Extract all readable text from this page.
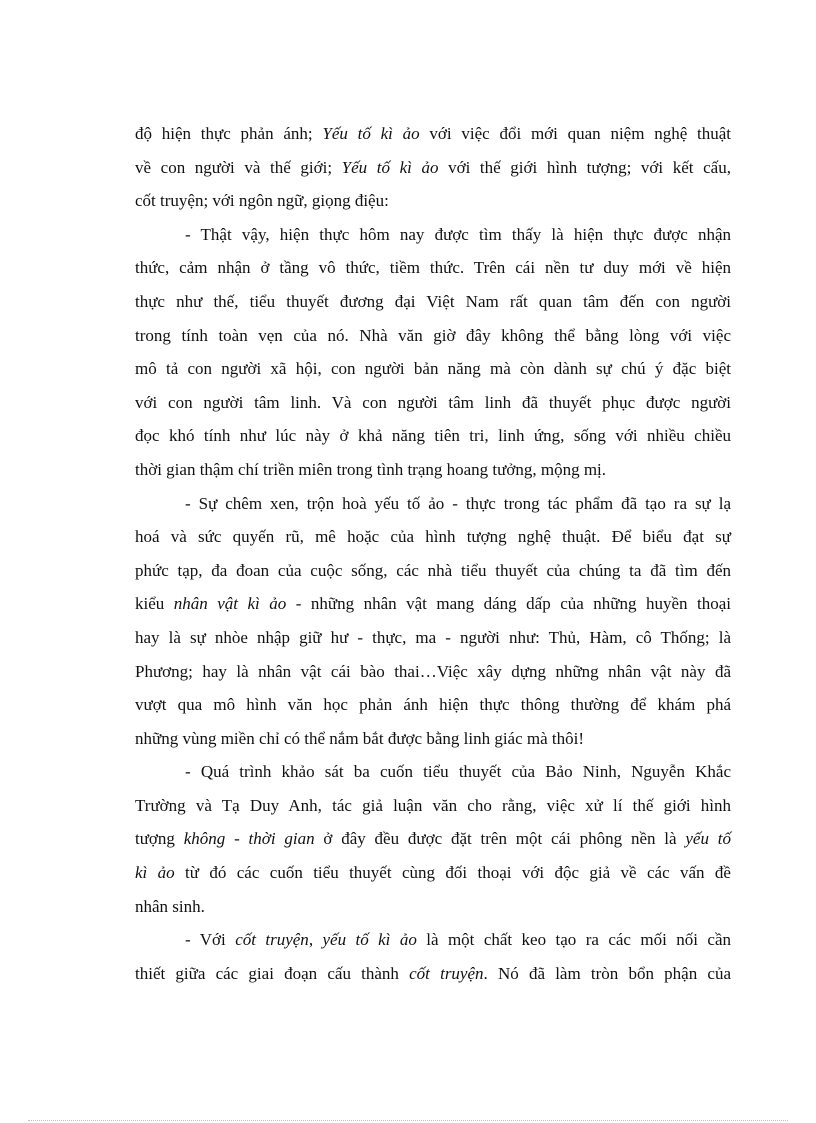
độ hiện thực phản ánh; Yếu tố kì ảo với việc đổi mới quan niệm nghệ thuật
về con người và thế giới; Yếu tố kì ảo với thế giới hình tượng; với kết cấu,
cốt truyện; với ngôn ngữ, giọng điệu:
- Thật vậy, hiện thực hôm nay được tìm thấy là hiện thực được nhận
thức, cảm nhận ở tầng vô thức, tiềm thức. Trên cái nền tư duy mới về hiện
thực như thế, tiểu thuyết đương đại Việt Nam rất quan tâm đến con người
trong tính toàn vẹn của nó. Nhà văn giờ đây không thể bằng lòng với việc
mô tả con người xã hội, con người bản năng mà còn dành sự chú ý đặc biệt
với con người tâm linh. Và con người tâm linh đã thuyết phục được người
đọc khó tính như lúc này ở khả năng tiên tri, linh ứng, sống với nhiều chiều
thời gian thậm chí triền miên trong tình trạng hoang tưởng, mộng mị.
- Sự chêm xen, trộn hoà yếu tố ảo - thực trong tác phẩm đã tạo ra sự lạ
hoá và sức quyến rũ, mê hoặc của hình tượng nghệ thuật. Để biểu đạt sự
phức tạp, đa đoan của cuộc sống, các nhà tiểu thuyết của chúng ta đã tìm đến
kiểu nhân vật kì ảo - những nhân vật mang dáng dấp của những huyền thoại
hay là sự nhòe nhập giữ hư - thực, ma - người như: Thủ, Hàm, cô Thống; là
Phương; hay là nhân vật cái bào thai…Việc xây dựng những nhân vật này đã
vượt qua mô hình văn học phản ánh hiện thực thông thường để khám phá
những vùng miền chỉ có thể nắm bắt được bằng linh giác mà thôi!
- Quá trình khảo sát ba cuốn tiểu thuyết của Bảo Ninh, Nguyễn Khắc
Trường và Tạ Duy Anh, tác giả luận văn cho rằng, việc xử lí thế giới hình
tượng không - thời gian ở đây đều được đặt trên một cái phông nền là yếu tố
kì ảo từ đó các cuốn tiểu thuyết cùng đối thoại với độc giả về các vấn đề
nhân sinh.
- Với cốt truyện, yếu tố kì ảo là một chất keo tạo ra các mối nối cần
thiết giữa các giai đoạn cấu thành cốt truyện. Nó đã làm tròn bổn phận của
